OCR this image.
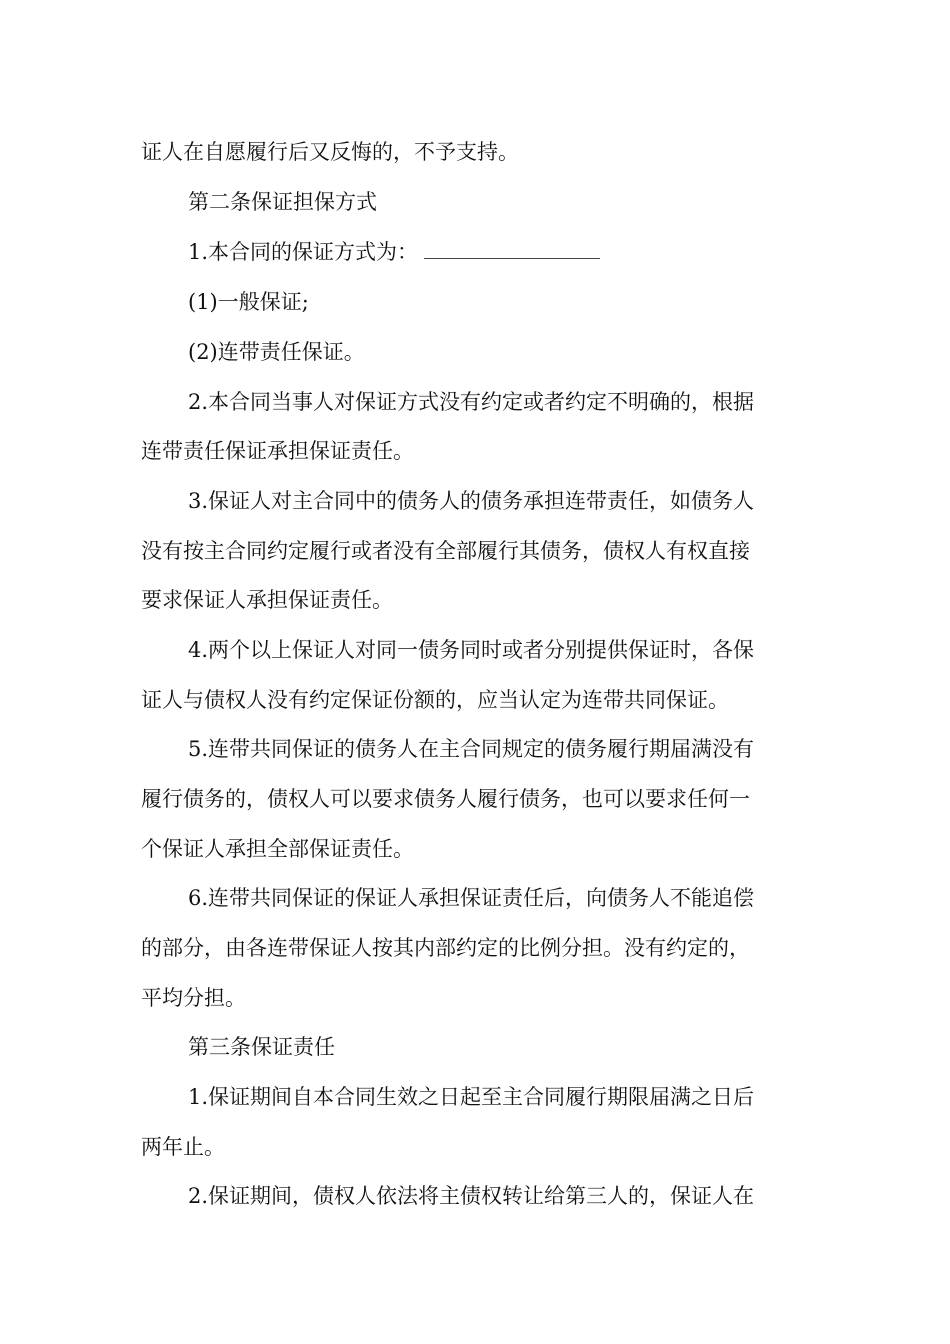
证人在自愿履行后又反悔的，不予支持。

第二条保证担保方式

1.本合同的保证方式为：

(1)一般保证;

(2)连带责任保证。

2.本合同当事人对保证方式没有约定或者约定不明确的，根据

连带责任保证承担保证责任。

3.保证人对主合同中的债务人的债务承担连带责任，如债务人

没有按主合同约定履行或者没有全部履行其债务，债权人有权直接

要求保证人承担保证责任。

4.两个以上保证人对同一债务同时或者分别提供保证时，各保

证人与债权人没有约定保证份额的，应当认定为连带共同保证。

5.连带共同保证的债务人在主合同规定的债务履行期届满没有

履行债务的，债权人可以要求债务人履行债务，也可以要求任何一

个保证人承担全部保证责任。

6.连带共同保证的保证人承担保证责任后，向债务人不能追偿

的部分，由各连带保证人按其内部约定的比例分担。没有约定的，

平均分担。

第三条保证责任

1.保证期间自本合同生效之日起至主合同履行期限届满之日后

两年止。

2.保证期间，债权人依法将主债权转让给第三人的，保证人在
